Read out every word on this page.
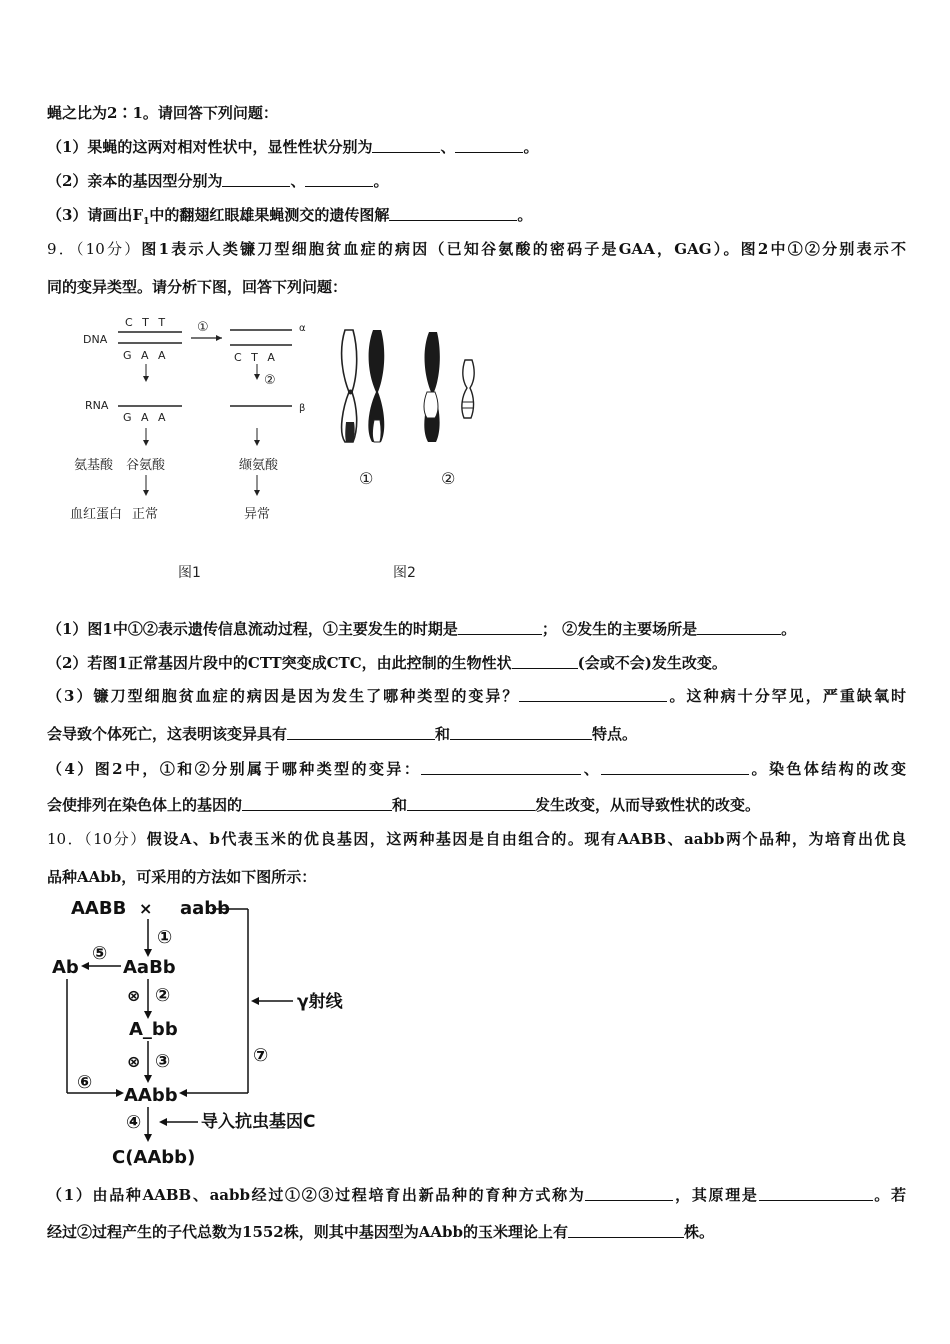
蝇之比为2∶1。请回答下列问题：
（1）果蝇的这两对相对性状中，显性性状分别为	、	。
（2）亲本的基因型分别为	、	。
（3）请画出$F_1$中的翻翅红眼雄果蝇测交的遗传图解	。
9．（10分）图1表示人类镰刀型细胞贫血症的病因（已知谷氨酸的密码子是GAA，GAG）。图2中①②分别表示不
同的变异类型。请分析下图，回答下列问题：
DNA
C T T
G A A
①	α
C T A
②
RNA
G A A
β
氨基酸 谷氨酸	缬氨酸
血红蛋白 正常	异常
图1
①	②
图2
（1）图1中①②表示遗传信息流动过程，①主要发生的时期是	； ②发生的主要场所是	。
（2）若图1正常基因片段中的CTT突变成CTC，由此控制的生物性状	(会或不会)发生改变。
（3）镰刀型细胞贫血症的病因是因为发生了哪种类型的变异？	。这种病十分罕见，严重缺氧时
会导致个体死亡，这表明该变异具有	和	特点。
（4）图2中，①和②分别属于哪种类型的变异：	、	。染色体结构的改变
会使排列在染色体上的基因的	和	发生改变，从而导致性状的改变。
10．（10分）假设A、b代表玉米的优良基因，这两种基因是自由组合的。现有AABB、aabb两个品种，为培育出优良
品种AAbb，可采用的方法如下图所示：
AABB × aabb
①
AaBb
Ab
⑤
⊗ ②
A_bb
⊗ ③
AAbb
⑥
⑦
γ射线
④	导入抗虫基因C
C(AAbb)
（1）由品种AABB、aabb经过①②③过程培育出新品种的育种方式称为	，其原理是	。若
经过②过程产生的子代总数为1552株，则其中基因型为AAbb的玉米理论上有	株。
